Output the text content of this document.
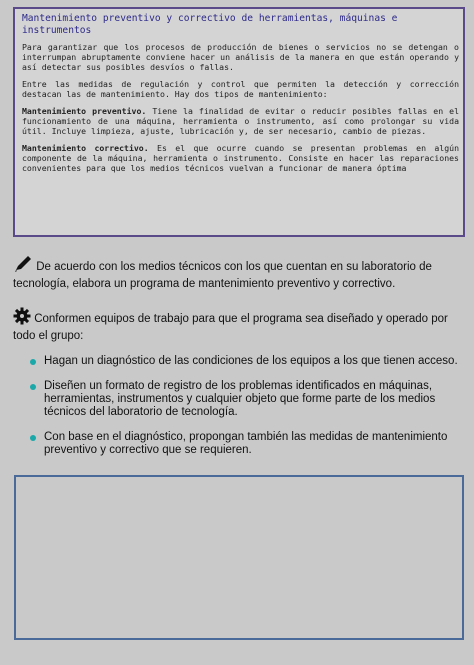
Mantenimiento preventivo y correctivo de herramientas, máquinas e instrumentos

Para garantizar que los procesos de producción de bienes o servicios no se detengan o interrumpan abruptamente conviene hacer un análisis de la manera en que están operando y así detectar sus posibles desvíos o fallas.

Entre las medidas de regulación y control que permiten la detección y corrección destacan las de mantenimiento. Hay dos tipos de mantenimiento:

Mantenimiento preventivo. Tiene la finalidad de evitar o reducir posibles fallas en el funcionamiento de una máquina, herramienta o instrumento, así como prolongar su vida útil. Incluye limpieza, ajuste, lubricación y, de ser necesario, cambio de piezas.

Mantenimiento correctivo. Es el que ocurre cuando se presentan problemas en algún componente de la máquina, herramienta o instrumento. Consiste en hacer las reparaciones convenientes para que los medios técnicos vuelvan a funcionar de manera óptima

De acuerdo con los medios técnicos con los que cuentan en su laboratorio de tecnología, elabora un programa de mantenimiento preventivo y correctivo.
Conformen equipos de trabajo para que el programa sea diseñado y operado por todo el grupo:
Hagan un diagnóstico de las condiciones de los equipos a los que tienen acceso.
Diseñen un formato de registro de los problemas identificados en máquinas, herramientas, instrumentos y cualquier objeto que forme parte de los medios técnicos del laboratorio de tecnología.
Con base en el diagnóstico, propongan también las medidas de mantenimiento preventivo y correctivo que se requieren.
